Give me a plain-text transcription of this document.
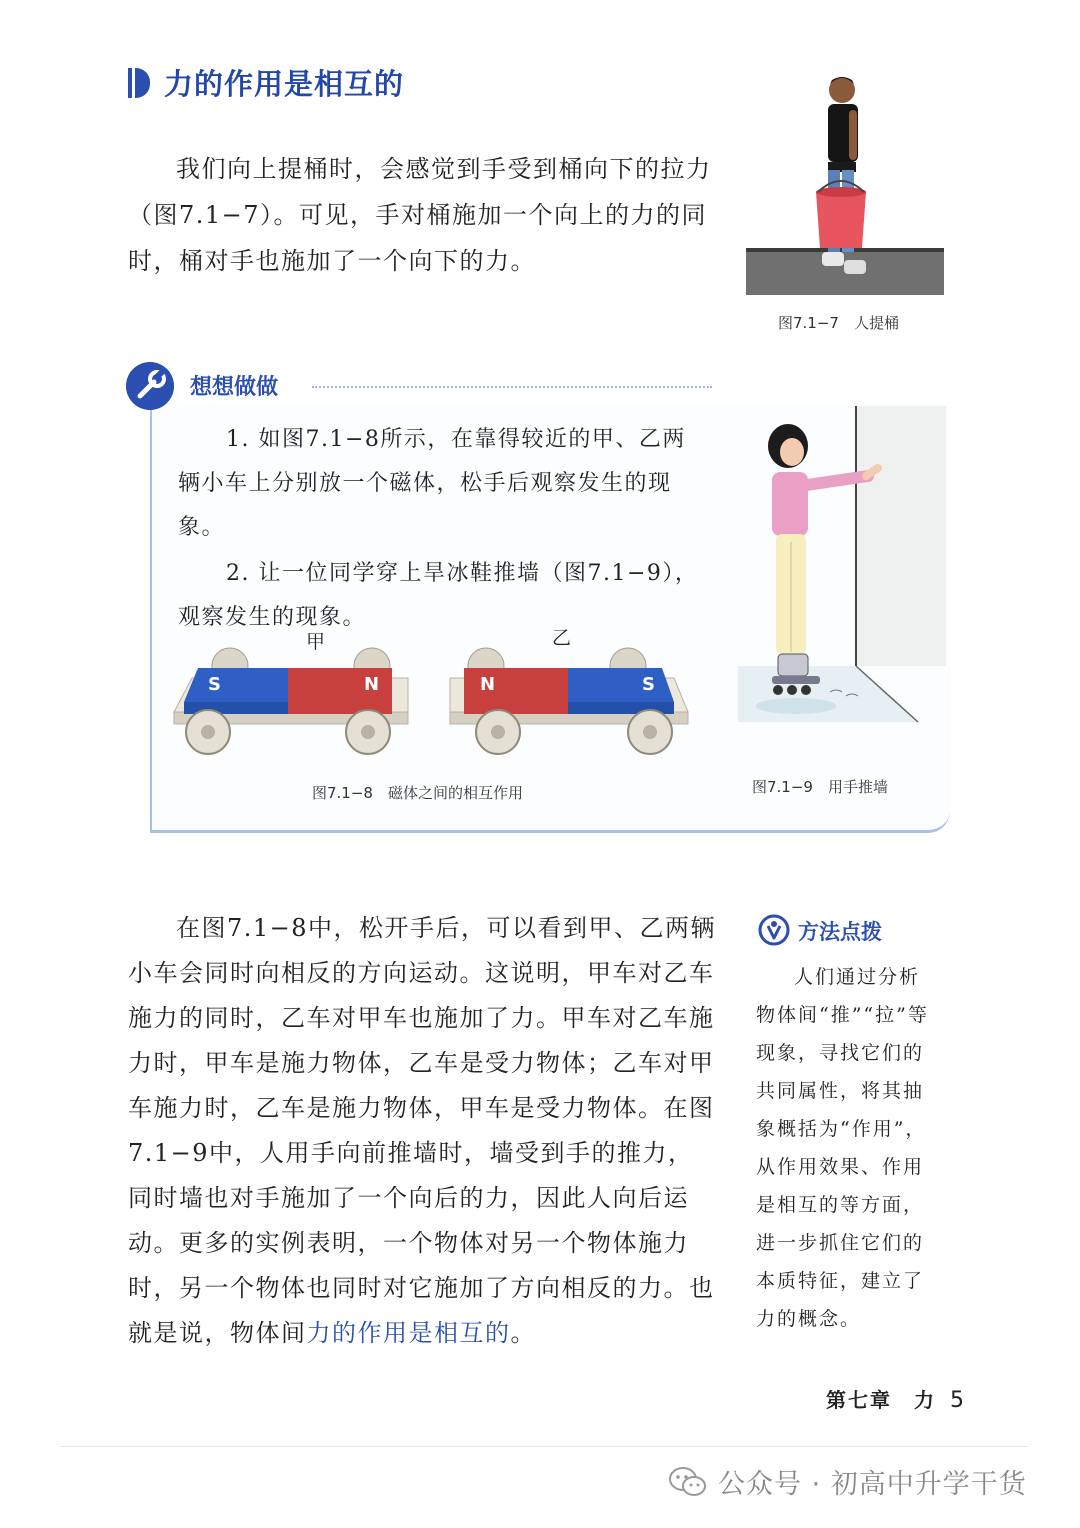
力的作用是相互的
我们向上提桶时，会感觉到手受到桶向下的拉力（图7.1−7）。可见，手对桶施加一个向上的力的同时，桶对手也施加了一个向下的力。
图7.1−7　人提桶
想想做做
1. 如图7.1−8所示，在靠得较近的甲、乙两辆小车上分别放一个磁体，松手后观察发生的现象。
2. 让一位同学穿上旱冰鞋推墙（图7.1−9），观察发生的现象。
甲	乙
S	N	N	S
图7.1−8　磁体之间的相互作用	图7.1−9　用手推墙
在图7.1−8中，松开手后，可以看到甲、乙两辆小车会同时向相反的方向运动。这说明，甲车对乙车施力的同时，乙车对甲车也施加了力。甲车对乙车施力时，甲车是施力物体，乙车是受力物体；乙车对甲车施力时，乙车是施力物体，甲车是受力物体。在图7.1−9中，人用手向前推墙时，墙受到手的推力，同时墙也对手施加了一个向后的力，因此人向后运动。更多的实例表明，一个物体对另一个物体施力时，另一个物体也同时对它施加了方向相反的力。也就是说，物体间力的作用是相互的。
方法点拨
人们通过分析物体间“推”“拉”等现象，寻找它们的共同属性，将其抽象概括为“作用”，从作用效果、作用是相互的等方面，进一步抓住它们的本质特征，建立了力的概念。
第七章　力 5
公众号 · 初高中升学干货
